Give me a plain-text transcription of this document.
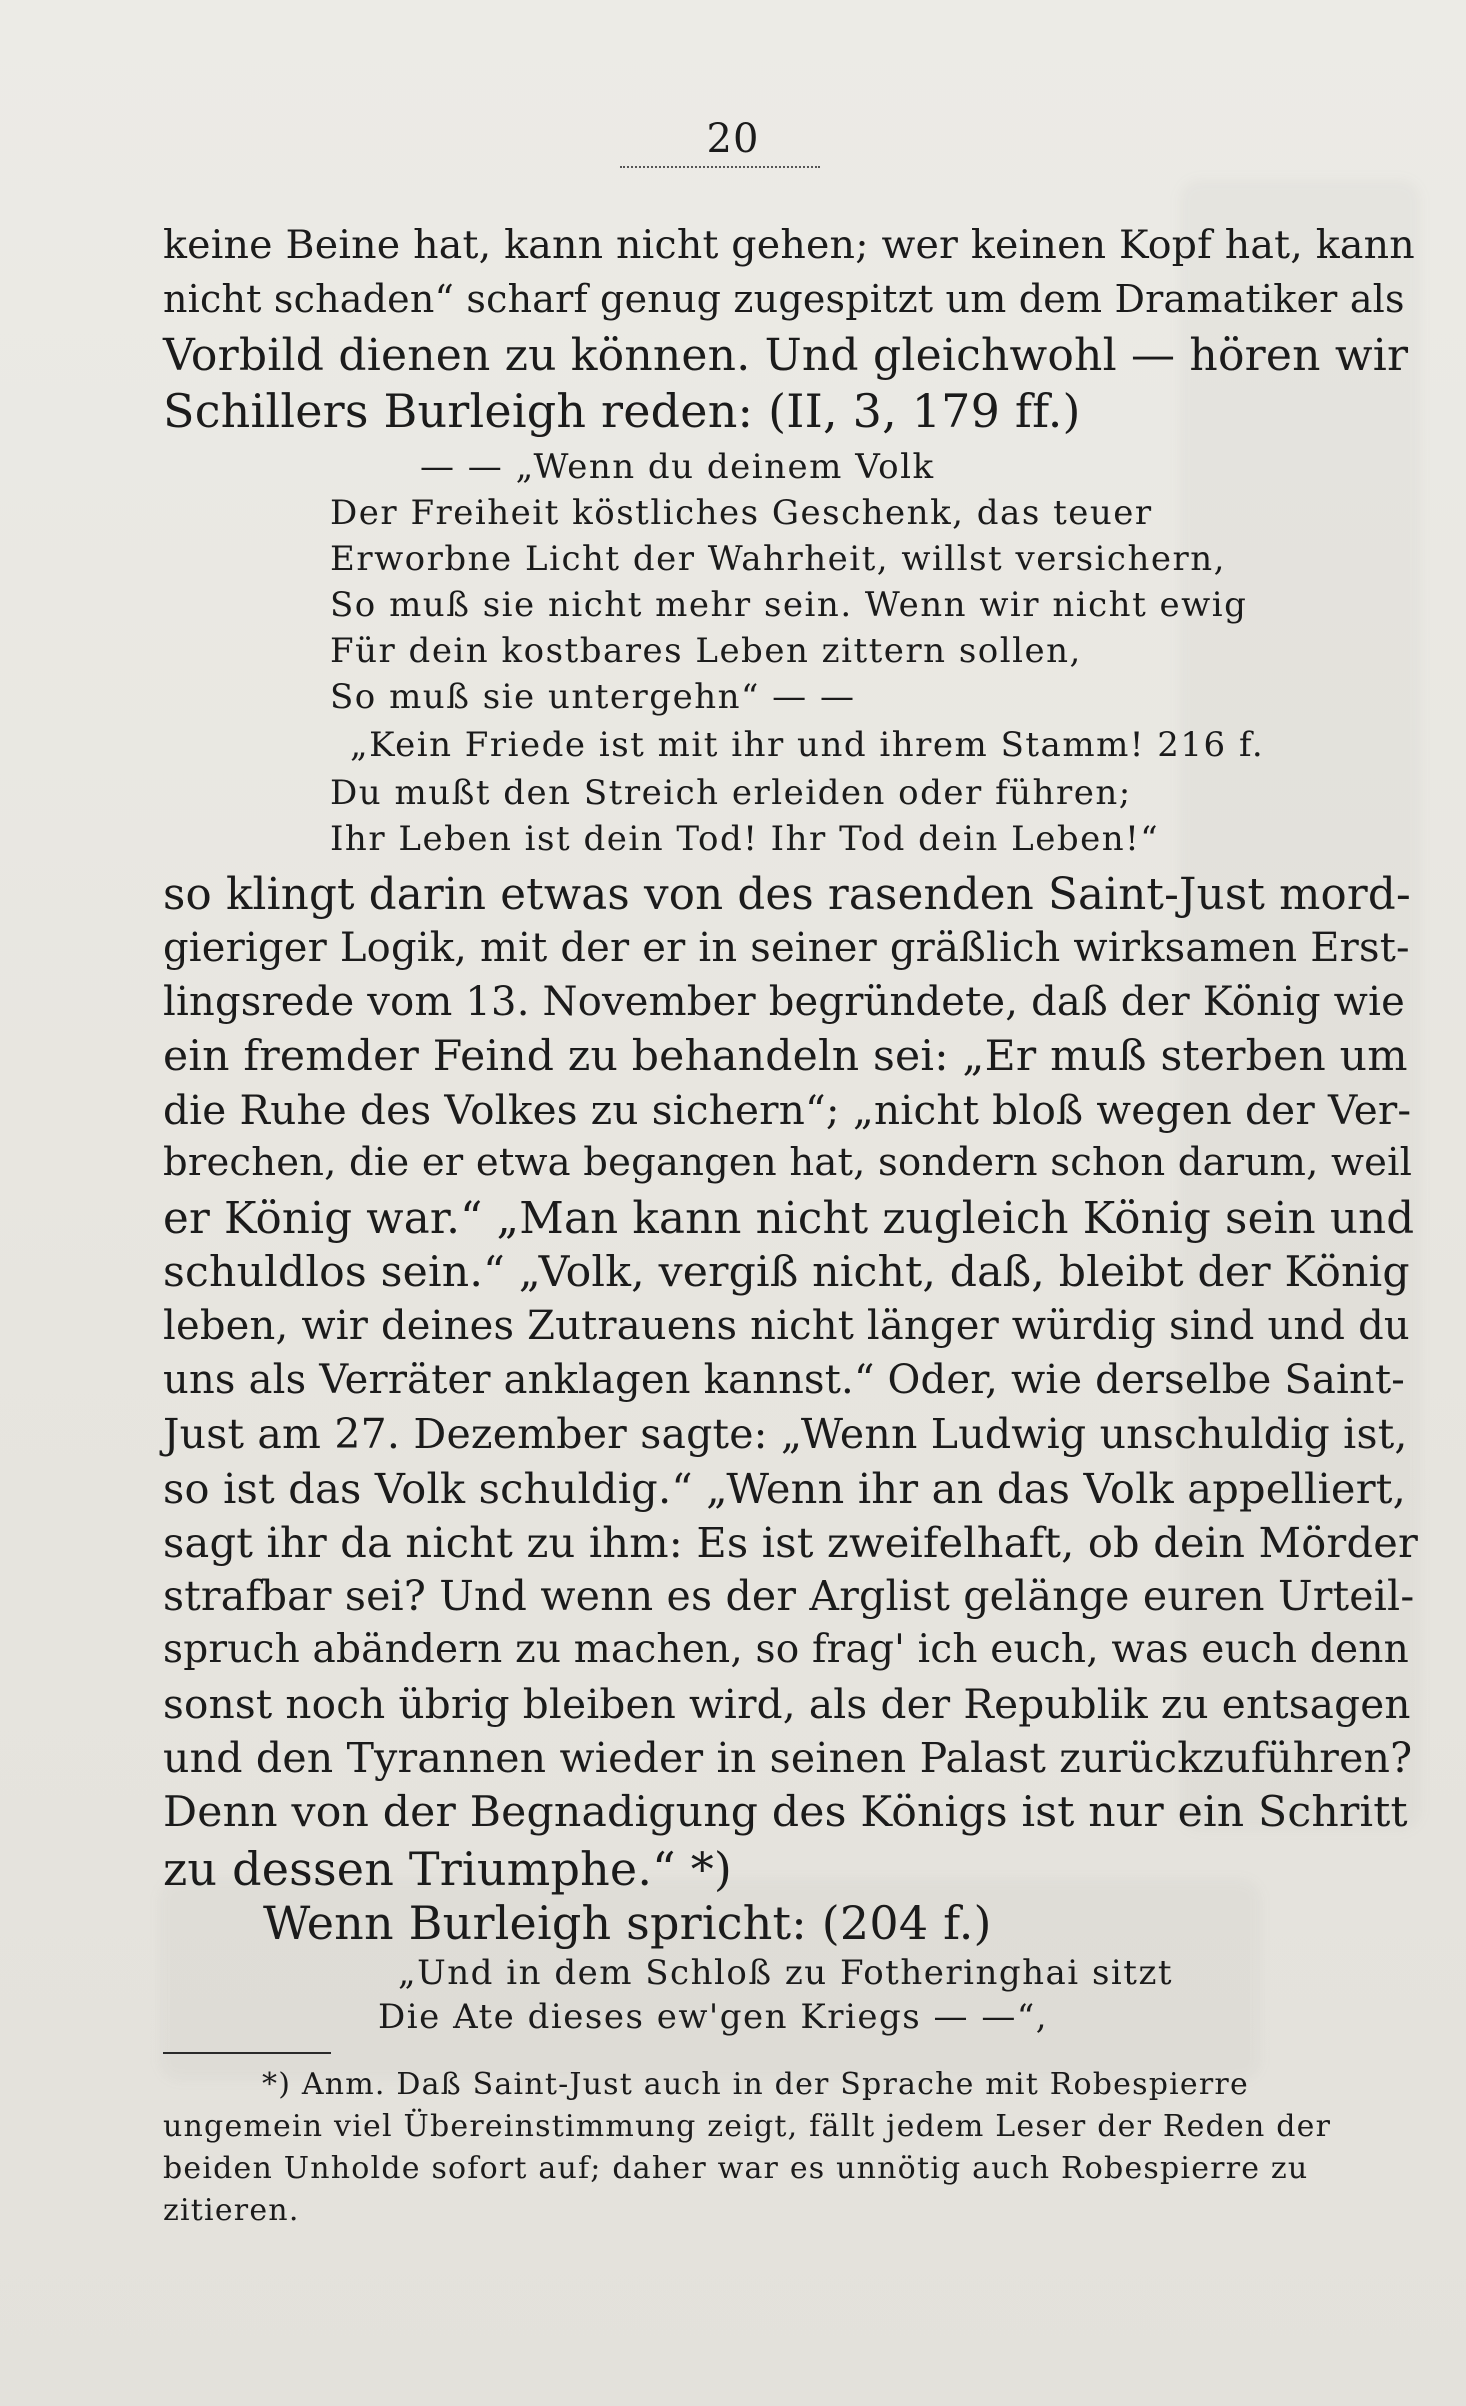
20
keine Beine hat, kann nicht gehen; wer keinen Kopf hat, kann
nicht schaden“ scharf genug zugespitzt um dem Dramatiker als
Vorbild dienen zu können. Und gleichwohl — hören wir
Schillers Burleigh reden: (II, 3, 179 ff.)
— — „Wenn du deinem Volk
Der Freiheit köstliches Geschenk, das teuer
Erworbne Licht der Wahrheit, willst versichern,
So muß sie nicht mehr sein. Wenn wir nicht ewig
Für dein kostbares Leben zittern sollen,
So muß sie untergehn“ — —
„Kein Friede ist mit ihr und ihrem Stamm! 216 f.
Du mußt den Streich erleiden oder führen;
Ihr Leben ist dein Tod! Ihr Tod dein Leben!“
so klingt darin etwas von des rasenden Saint-Just mord-
gieriger Logik, mit der er in seiner gräßlich wirksamen Erst-
lingsrede vom 13. November begründete, daß der König wie
ein fremder Feind zu behandeln sei: „Er muß sterben um
die Ruhe des Volkes zu sichern“; „nicht bloß wegen der Ver-
brechen, die er etwa begangen hat, sondern schon darum, weil
er König war.“ „Man kann nicht zugleich König sein und
schuldlos sein.“ „Volk, vergiß nicht, daß, bleibt der König
leben, wir deines Zutrauens nicht länger würdig sind und du
uns als Verräter anklagen kannst.“ Oder, wie derselbe Saint-
Just am 27. Dezember sagte: „Wenn Ludwig unschuldig ist,
so ist das Volk schuldig.“ „Wenn ihr an das Volk appelliert,
sagt ihr da nicht zu ihm: Es ist zweifelhaft, ob dein Mörder
strafbar sei? Und wenn es der Arglist gelänge euren Urteil-
spruch abändern zu machen, so frag' ich euch, was euch denn
sonst noch übrig bleiben wird, als der Republik zu entsagen
und den Tyrannen wieder in seinen Palast zurückzuführen?
Denn von der Begnadigung des Königs ist nur ein Schritt
zu dessen Triumphe.“ *)
Wenn Burleigh spricht: (204 f.)
„Und in dem Schloß zu Fotheringhai sitzt
Die Ate dieses ew'gen Kriegs — —“,
*) Anm. Daß Saint-Just auch in der Sprache mit Robespierre
ungemein viel Übereinstimmung zeigt, fällt jedem Leser der Reden der
beiden Unholde sofort auf; daher war es unnötig auch Robespierre zu
zitieren.
